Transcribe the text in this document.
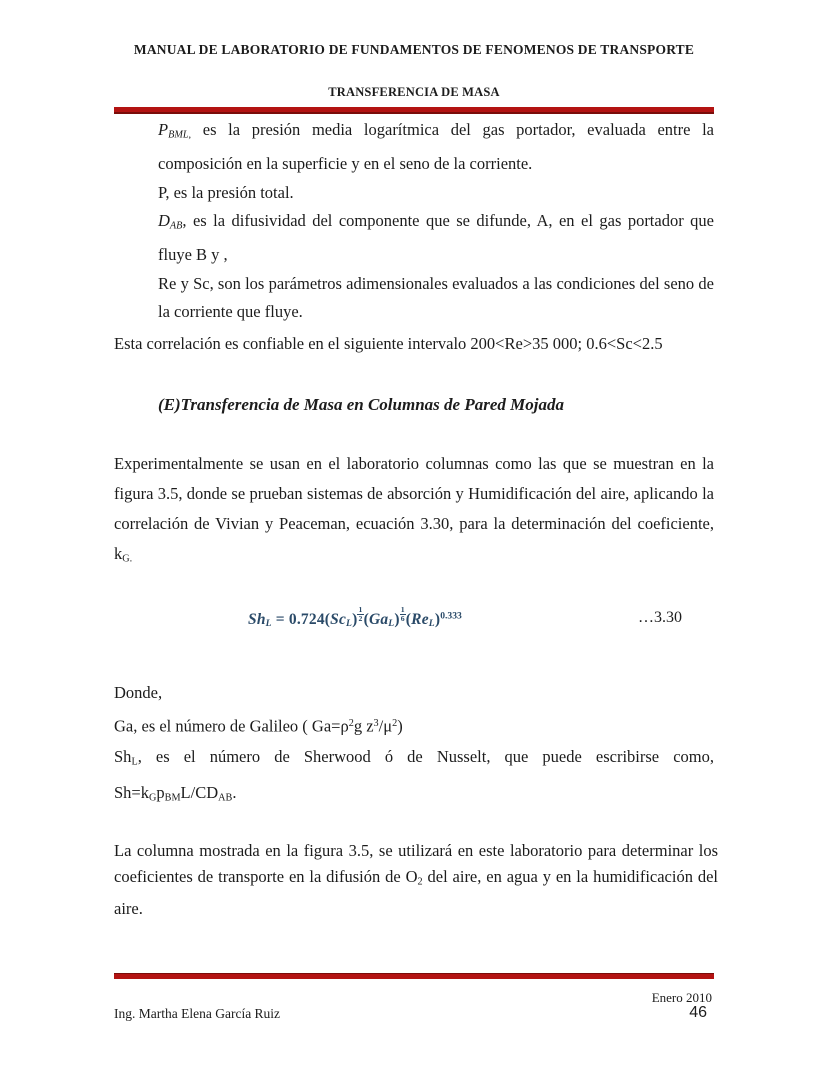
MANUAL DE LABORATORIO DE FUNDAMENTOS DE FENOMENOS DE TRANSPORTE
TRANSFERENCIA DE MASA

PBML, es la presión media logarítmica del gas portador, evaluada entre la composición en la superficie y en el seno de la corriente.

P, es la presión total.

DAB, es la difusividad del componente que se difunde, A, en el gas portador que fluye B y ,

Re y Sc, son los parámetros adimensionales evaluados a las condiciones del seno de la corriente que fluye.

Esta correlación es confiable en el siguiente intervalo 200<Re>35 000; 0.6<Sc<2.5

(E)Transferencia de Masa en Columnas de Pared Mojada

Experimentalmente se usan en el laboratorio columnas como las que se muestran en la figura 3.5, donde se prueban sistemas de absorción y Humidificación del aire, aplicando la correlación de Vivian y Peaceman, ecuación 3.30, para la determinación del coeficiente, kG.

ShL = $0.724(ScL) \frac{1}{2} (GaL) \frac{1}{6} (ReL)^{0.333}$	…3.30

Donde,

Ga, es el número de Galileo ( $Ga=\rho^2g$ $z^3/\mu^2$)

ShL, es el número de Sherwood ó de Nusselt, que puede escribirse como, Sh=kGpBML/CDAB.

La columna mostrada en la figura 3.5, se utilizará en este laboratorio para determinar los coeficientes de transporte en la difusión de O2 del aire, en agua y en la humidificación del aire.

Enero 2010
46
Ing. Martha Elena García Ruiz
